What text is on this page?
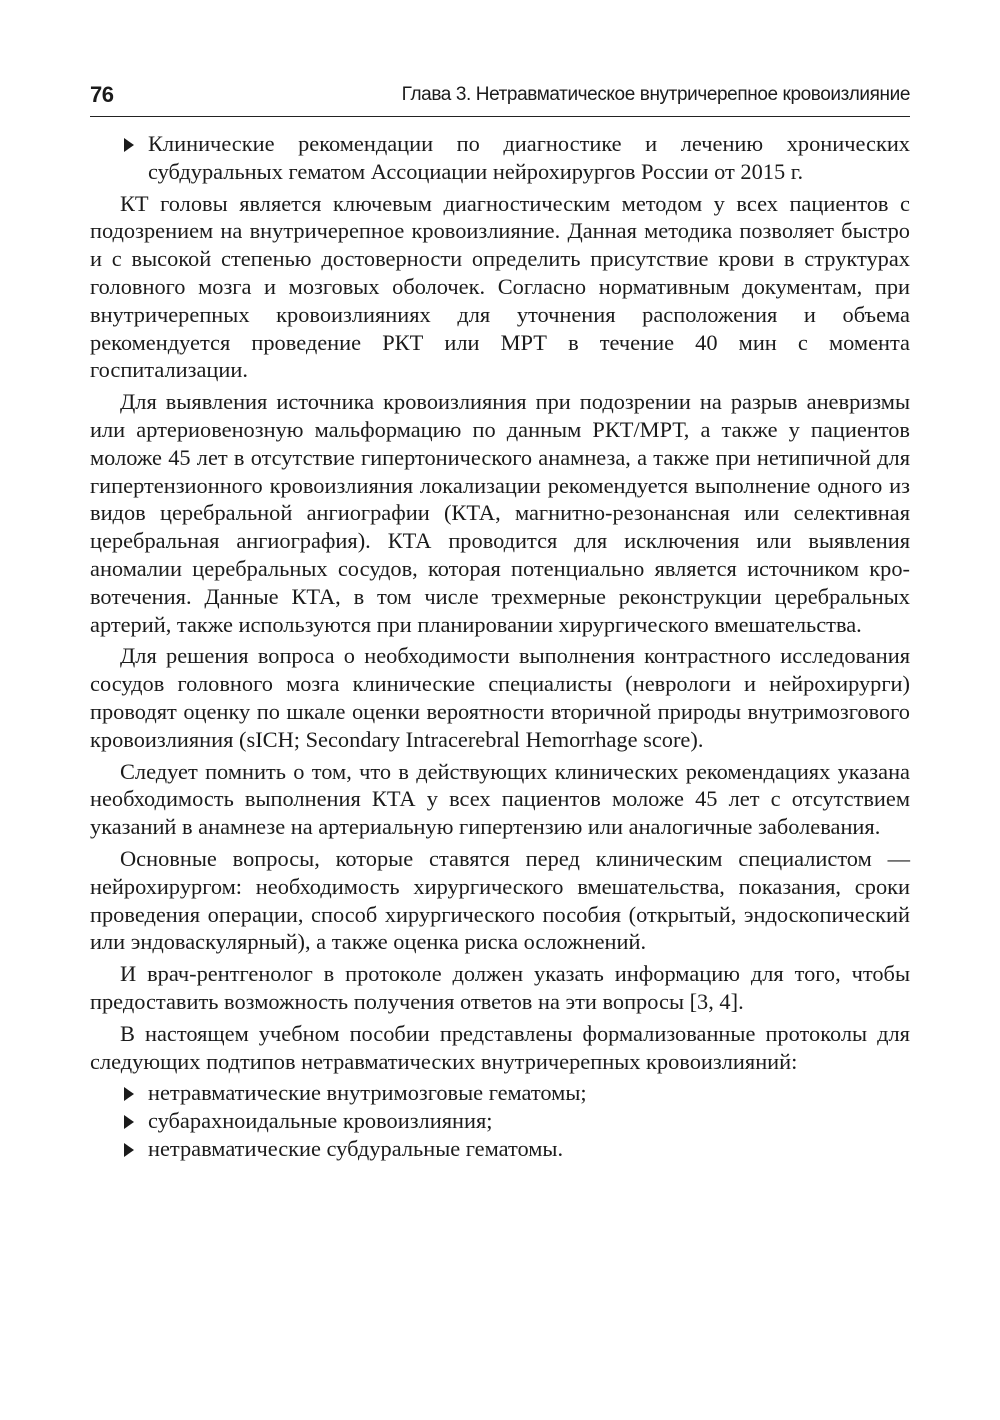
76	Глава 3. Нетравматическое внутричерепное кровоизлияние

Клинические рекомендации по диагностике и лечению хронических субдуральных гематом Ассоциации нейрохирургов России от 2015 г.

КТ головы является ключевым диагностическим методом у всех пациентов с подозрением на внутричерепное кровоизлияние. Данная методика позволяет быстро и с высокой степенью достоверности определить присутствие крови в структурах головного мозга и мозговых оболочек. Согласно нормативным документам, при внутричерепных кровоизлияниях для уточнения расположения и объема рекомендуется проведение РКТ или МРТ в течение 40 мин с момента госпитализации.

Для выявления источника кровоизлияния при подозрении на разрыв аневризмы или артериовенозную мальформацию по данным РКТ/МРТ, а также у пациентов моложе 45 лет в отсутствие гипертонического анамнеза, а также при нетипичной для гипертензионного кровоизлияния локализации рекомендуется выполнение одного из видов церебральной ангиографии (КТА, магнитно-резонансная или селективная церебральная ангиография). КТА проводится для исключения или выявления аномалии церебральных сосудов, которая потенциально является источником кровотечения. Данные КТА, в том числе трехмерные реконструкции церебральных артерий, также используются при планировании хирургического вмешательства.

Для решения вопроса о необходимости выполнения контрастного исследования сосудов головного мозга клинические специалисты (неврологи и нейрохирурги) проводят оценку по шкале оценки вероятности вторичной природы внутримозгового кровоизлияния (sICH; Secondary Intracerebral Hemorrhage score).

Следует помнить о том, что в действующих клинических рекомендациях указана необходимость выполнения КТА у всех пациентов моложе 45 лет с отсутствием указаний в анамнезе на артериальную гипертензию или аналогичные заболевания.

Основные вопросы, которые ставятся перед клиническим специалистом — нейрохирургом: необходимость хирургического вмешательства, показания, сроки проведения операции, способ хирургического пособия (открытый, эндоскопический или эндоваскулярный), а также оценка риска осложнений.

И врач-рентгенолог в протоколе должен указать информацию для того, чтобы предоставить возможность получения ответов на эти вопросы [3, 4].

В настоящем учебном пособии представлены формализованные протоколы для следующих подтипов нетравматических внутричерепных кровоизлияний:

нетравматические внутримозговые гематомы;

субарахноидальные кровоизлияния;

нетравматические субдуральные гематомы.
